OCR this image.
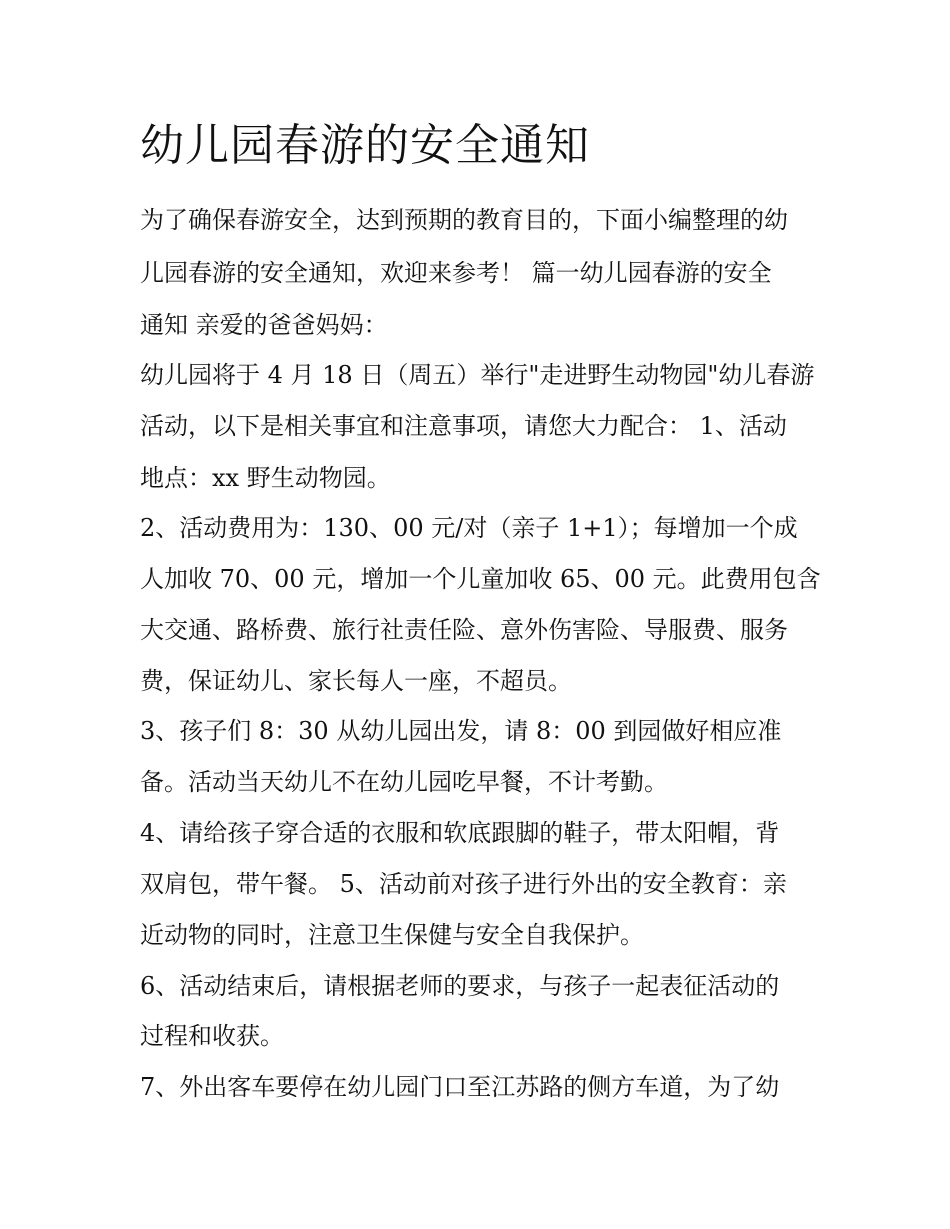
幼儿园春游的安全通知

为了确保春游安全，达到预期的教育目的，下面小编整理的幼

儿园春游的安全通知，欢迎来参考！ 篇一幼儿园春游的安全

通知 亲爱的爸爸妈妈：

幼儿园将于 4 月 18 日（周五）举行"走进野生动物园"幼儿春游

活动，以下是相关事宜和注意事项，请您大力配合： 1、活动

地点：xx 野生动物园。

2、活动费用为：130、00 元/对（亲子 1+1）；每增加一个成

人加收 70、00 元，增加一个儿童加收 65、00 元。此费用包含

大交通、路桥费、旅行社责任险、意外伤害险、导服费、服务

费，保证幼儿、家长每人一座，不超员。

3、孩子们 8：30 从幼儿园出发，请 8：00 到园做好相应准

备。活动当天幼儿不在幼儿园吃早餐，不计考勤。

4、请给孩子穿合适的衣服和软底跟脚的鞋子，带太阳帽，背

双肩包，带午餐。 5、活动前对孩子进行外出的安全教育：亲

近动物的同时，注意卫生保健与安全自我保护。

6、活动结束后，请根据老师的要求，与孩子一起表征活动的

过程和收获。

7、外出客车要停在幼儿园门口至江苏路的侧方车道，为了幼
